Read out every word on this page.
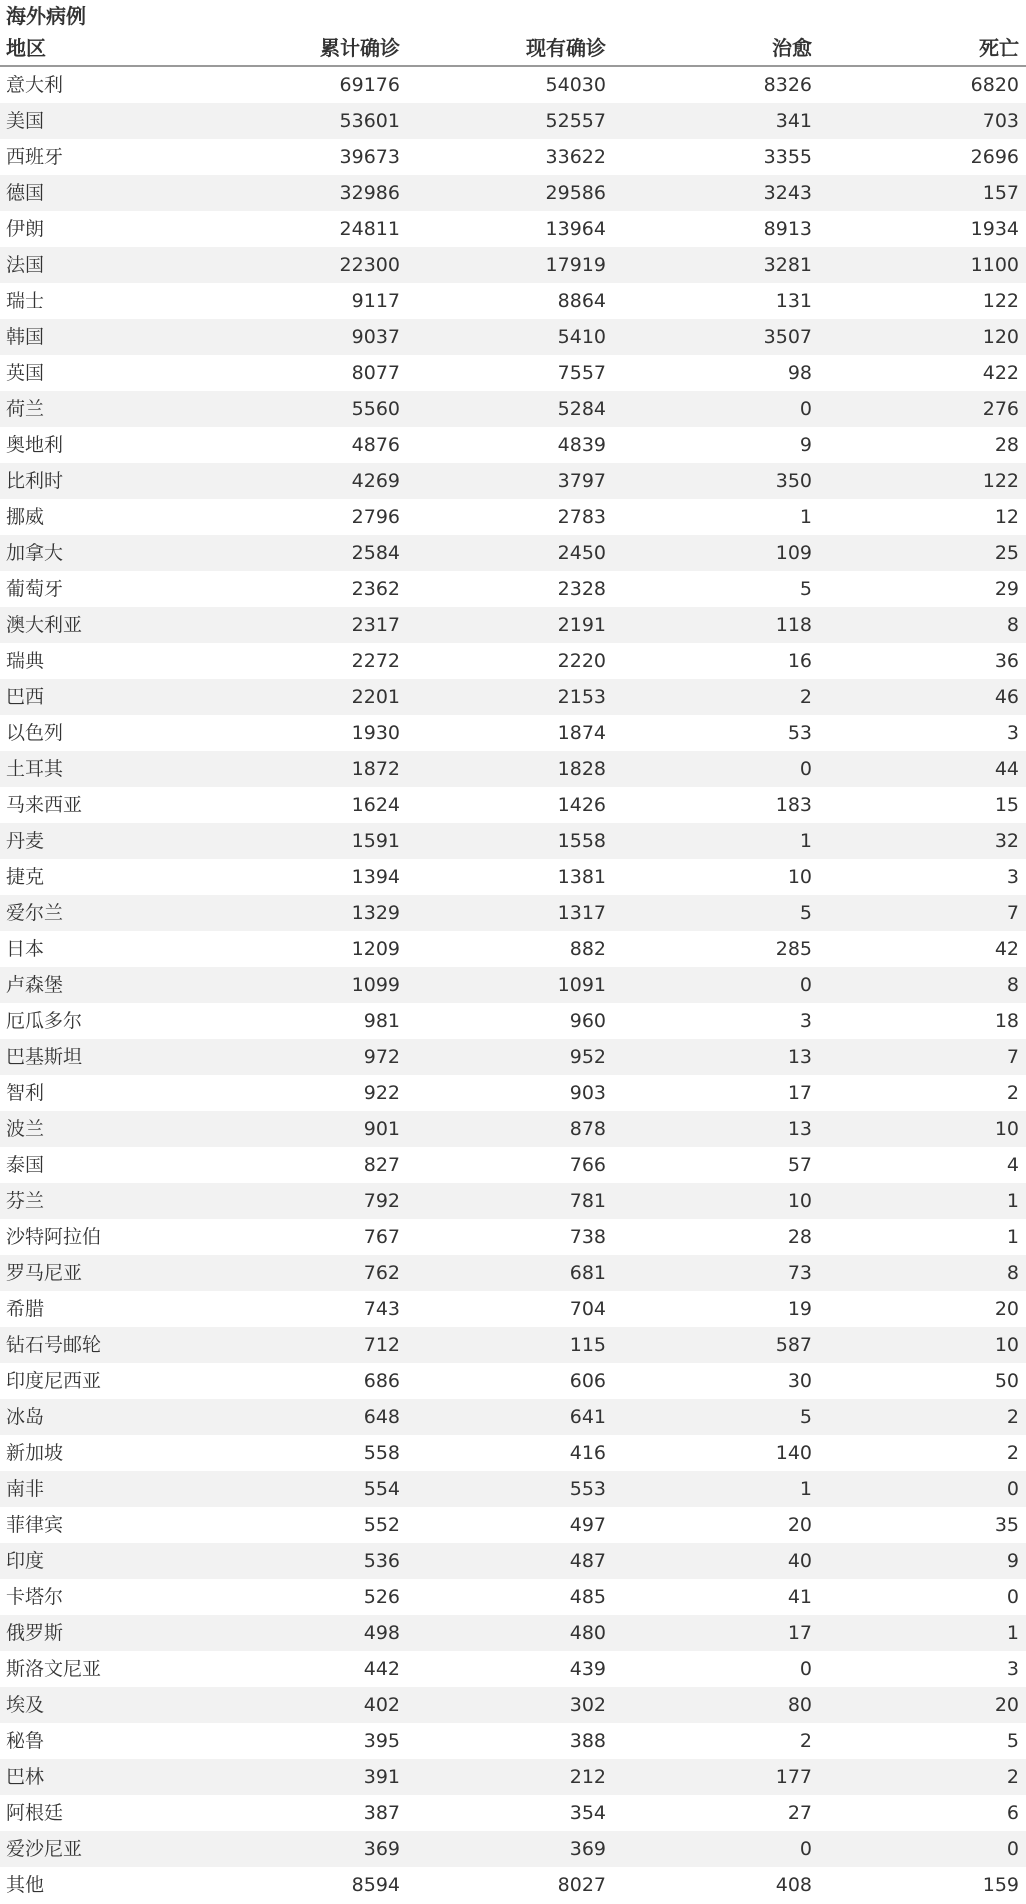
海外病例
地区	累计确诊	现有确诊	治愈	死亡
意大利	69176	54030	8326	6820
美国	53601	52557	341	703
西班牙	39673	33622	3355	2696
德国	32986	29586	3243	157
伊朗	24811	13964	8913	1934
法国	22300	17919	3281	1100
瑞士	9117	8864	131	122
韩国	9037	5410	3507	120
英国	8077	7557	98	422
荷兰	5560	5284	0	276
奥地利	4876	4839	9	28
比利时	4269	3797	350	122
挪威	2796	2783	1	12
加拿大	2584	2450	109	25
葡萄牙	2362	2328	5	29
澳大利亚	2317	2191	118	8
瑞典	2272	2220	16	36
巴西	2201	2153	2	46
以色列	1930	1874	53	3
土耳其	1872	1828	0	44
马来西亚	1624	1426	183	15
丹麦	1591	1558	1	32
捷克	1394	1381	10	3
爱尔兰	1329	1317	5	7
日本	1209	882	285	42
卢森堡	1099	1091	0	8
厄瓜多尔	981	960	3	18
巴基斯坦	972	952	13	7
智利	922	903	17	2
波兰	901	878	13	10
泰国	827	766	57	4
芬兰	792	781	10	1
沙特阿拉伯	767	738	28	1
罗马尼亚	762	681	73	8
希腊	743	704	19	20
钻石号邮轮	712	115	587	10
印度尼西亚	686	606	30	50
冰岛	648	641	5	2
新加坡	558	416	140	2
南非	554	553	1	0
菲律宾	552	497	20	35
印度	536	487	40	9
卡塔尔	526	485	41	0
俄罗斯	498	480	17	1
斯洛文尼亚	442	439	0	3
埃及	402	302	80	20
秘鲁	395	388	2	5
巴林	391	212	177	2
阿根廷	387	354	27	6
爱沙尼亚	369	369	0	0
其他	8594	8027	408	159
